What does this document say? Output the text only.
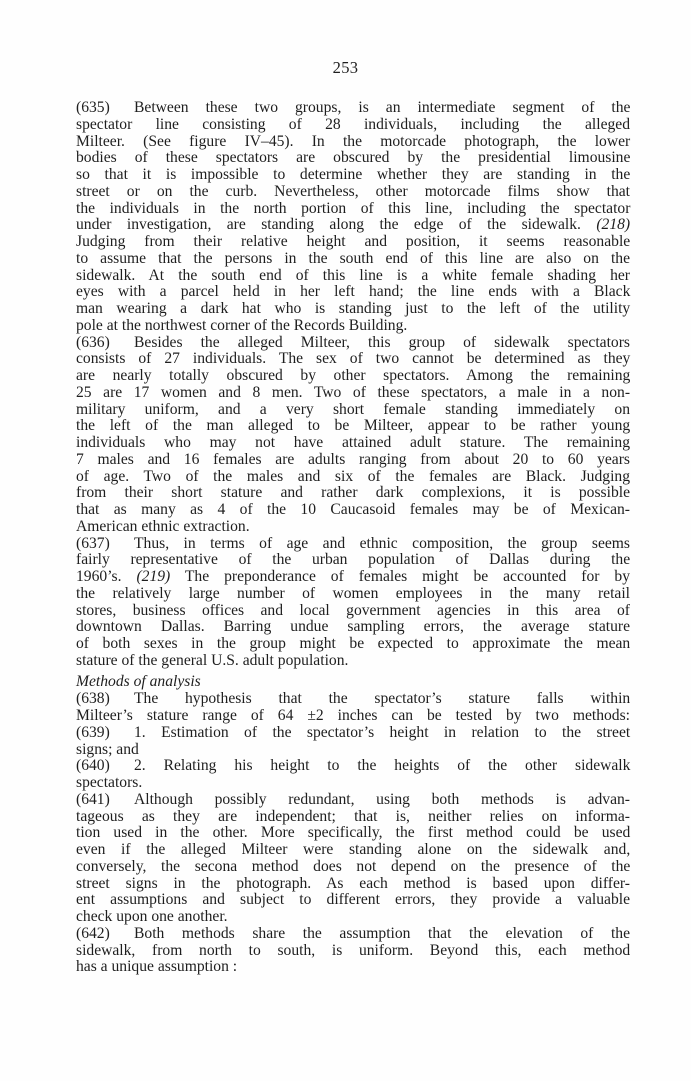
253
(635) Between these two groups, is an intermediate segment of the
spectator line consisting of 28 individuals, including the alleged
Milteer. (See figure IV–45). In the motorcade photograph, the lower
bodies of these spectators are obscured by the presidential limousine
so that it is impossible to determine whether they are standing in the
street or on the curb. Nevertheless, other motorcade films show that
the individuals in the north portion of this line, including the spectator
under investigation, are standing along the edge of the sidewalk. (218)
Judging from their relative height and position, it seems reasonable
to assume that the persons in the south end of this line are also on the
sidewalk. At the south end of this line is a white female shading her
eyes with a parcel held in her left hand; the line ends with a Black
man wearing a dark hat who is standing just to the left of the utility
pole at the northwest corner of the Records Building.
(636) Besides the alleged Milteer, this group of sidewalk spectators
consists of 27 individuals. The sex of two cannot be determined as they
are nearly totally obscured by other spectators. Among the remaining
25 are 17 women and 8 men. Two of these spectators, a male in a non-
military uniform, and a very short female standing immediately on
the left of the man alleged to be Milteer, appear to be rather young
individuals who may not have attained adult stature. The remaining
7 males and 16 females are adults ranging from about 20 to 60 years
of age. Two of the males and six of the females are Black. Judging
from their short stature and rather dark complexions, it is possible
that as many as 4 of the 10 Caucasoid females may be of Mexican-
American ethnic extraction.
(637) Thus, in terms of age and ethnic composition, the group seems
fairly representative of the urban population of Dallas during the
1960’s. (219) The preponderance of females might be accounted for by
the relatively large number of women employees in the many retail
stores, business offices and local government agencies in this area of
downtown Dallas. Barring undue sampling errors, the average stature
of both sexes in the group might be expected to approximate the mean
stature of the general U.S. adult population.
Methods of analysis
(638) The hypothesis that the spectator’s stature falls within
Milteer’s stature range of 64 ±2 inches can be tested by two methods:
(639) 1. Estimation of the spectator’s height in relation to the street
signs; and
(640) 2. Relating his height to the heights of the other sidewalk
spectators.
(641) Although possibly redundant, using both methods is advan-
tageous as they are independent; that is, neither relies on informa-
tion used in the other. More specifically, the first method could be used
even if the alleged Milteer were standing alone on the sidewalk and,
conversely, the secona method does not depend on the presence of the
street signs in the photograph. As each method is based upon differ-
ent assumptions and subject to different errors, they provide a valuable
check upon one another.
(642) Both methods share the assumption that the elevation of the
sidewalk, from north to south, is uniform. Beyond this, each method
has a unique assumption :
